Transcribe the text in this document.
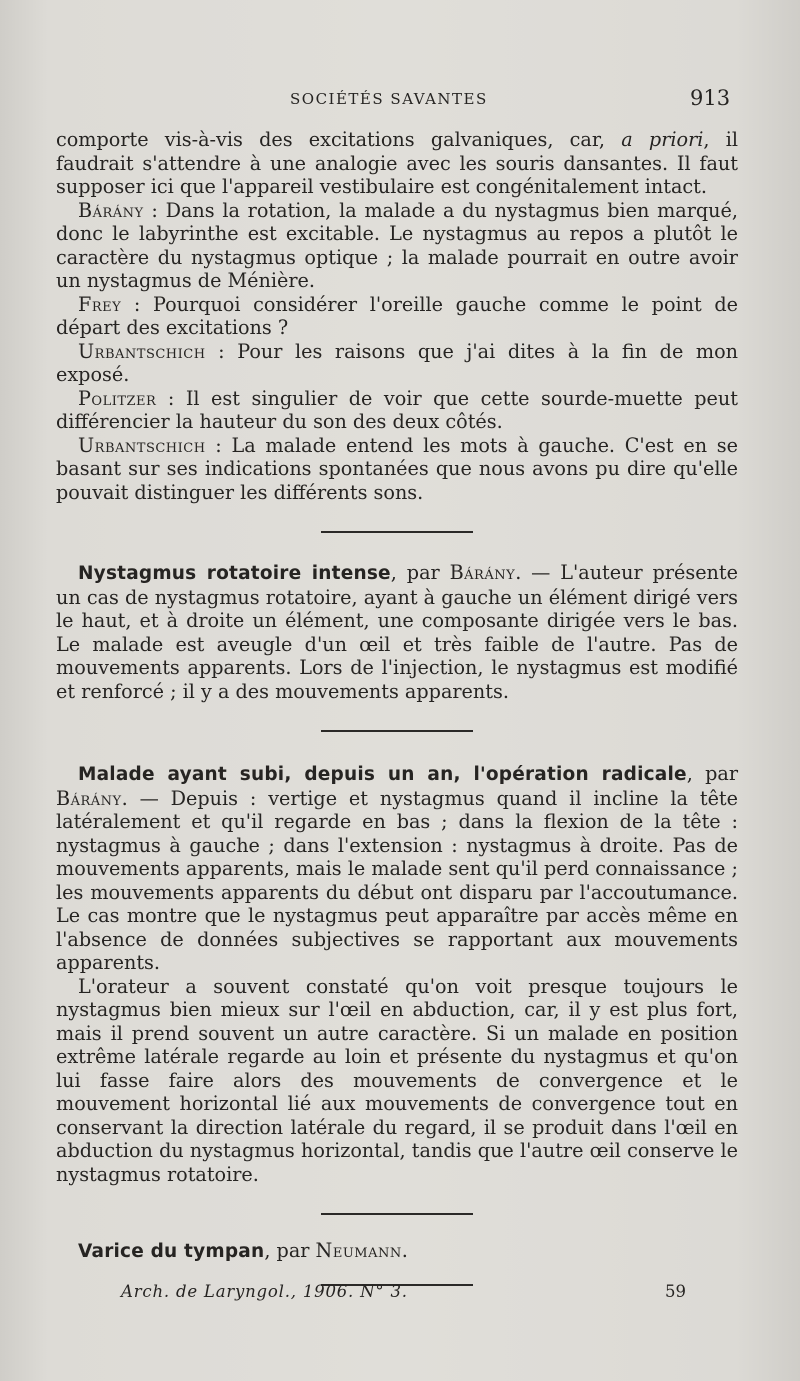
SOCIÉTÉS SAVANTES	913

comporte vis-à-vis des excitations galvaniques, car, a priori, il faudrait s'attendre à une analogie avec les souris dansantes. Il faut supposer ici que l'appareil vestibulaire est congénitalement intact.

Bárány : Dans la rotation, la malade a du nystagmus bien marqué, donc le labyrinthe est excitable. Le nystagmus au repos a plutôt le caractère du nystagmus optique ; la malade pourrait en outre avoir un nystagmus de Ménière.

Frey : Pourquoi considérer l'oreille gauche comme le point de départ des excitations ?

Urbantschich : Pour les raisons que j'ai dites à la fin de mon exposé.

Politzer : Il est singulier de voir que cette sourde-muette peut différencier la hauteur du son des deux côtés.

Urbantschich : La malade entend les mots à gauche. C'est en se basant sur ses indications spontanées que nous avons pu dire qu'elle pouvait distinguer les différents sons.

Nystagmus rotatoire intense, par Bárány. — L'auteur présente un cas de nystagmus rotatoire, ayant à gauche un élément dirigé vers le haut, et à droite un élément, une composante dirigée vers le bas. Le malade est aveugle d'un œil et très faible de l'autre. Pas de mouvements apparents. Lors de l'injection, le nystagmus est modifié et renforcé ; il y a des mouvements apparents.

Malade ayant subi, depuis un an, l'opération radicale, par Bárány. — Depuis : vertige et nystagmus quand il incline la tête latéralement et qu'il regarde en bas ; dans la flexion de la tête : nystagmus à gauche ; dans l'extension : nystagmus à droite. Pas de mouvements apparents, mais le malade sent qu'il perd connaissance ; les mouvements apparents du début ont disparu par l'accoutumance. Le cas montre que le nystagmus peut apparaître par accès même en l'absence de données subjectives se rapportant aux mouvements apparents.

L'orateur a souvent constaté qu'on voit presque toujours le nystagmus bien mieux sur l'œil en abduction, car, il y est plus fort, mais il prend souvent un autre caractère. Si un malade en position extrême latérale regarde au loin et présente du nystagmus et qu'on lui fasse faire alors des mouvements de convergence et le mouvement horizontal lié aux mouvements de convergence tout en conservant la direction latérale du regard, il se produit dans l'œil en abduction du nystagmus horizontal, tandis que l'autre œil conserve le nystagmus rotatoire.

Varice du tympan, par Neumann.

Arch. de Laryngol., 1906. N° 3.	59
